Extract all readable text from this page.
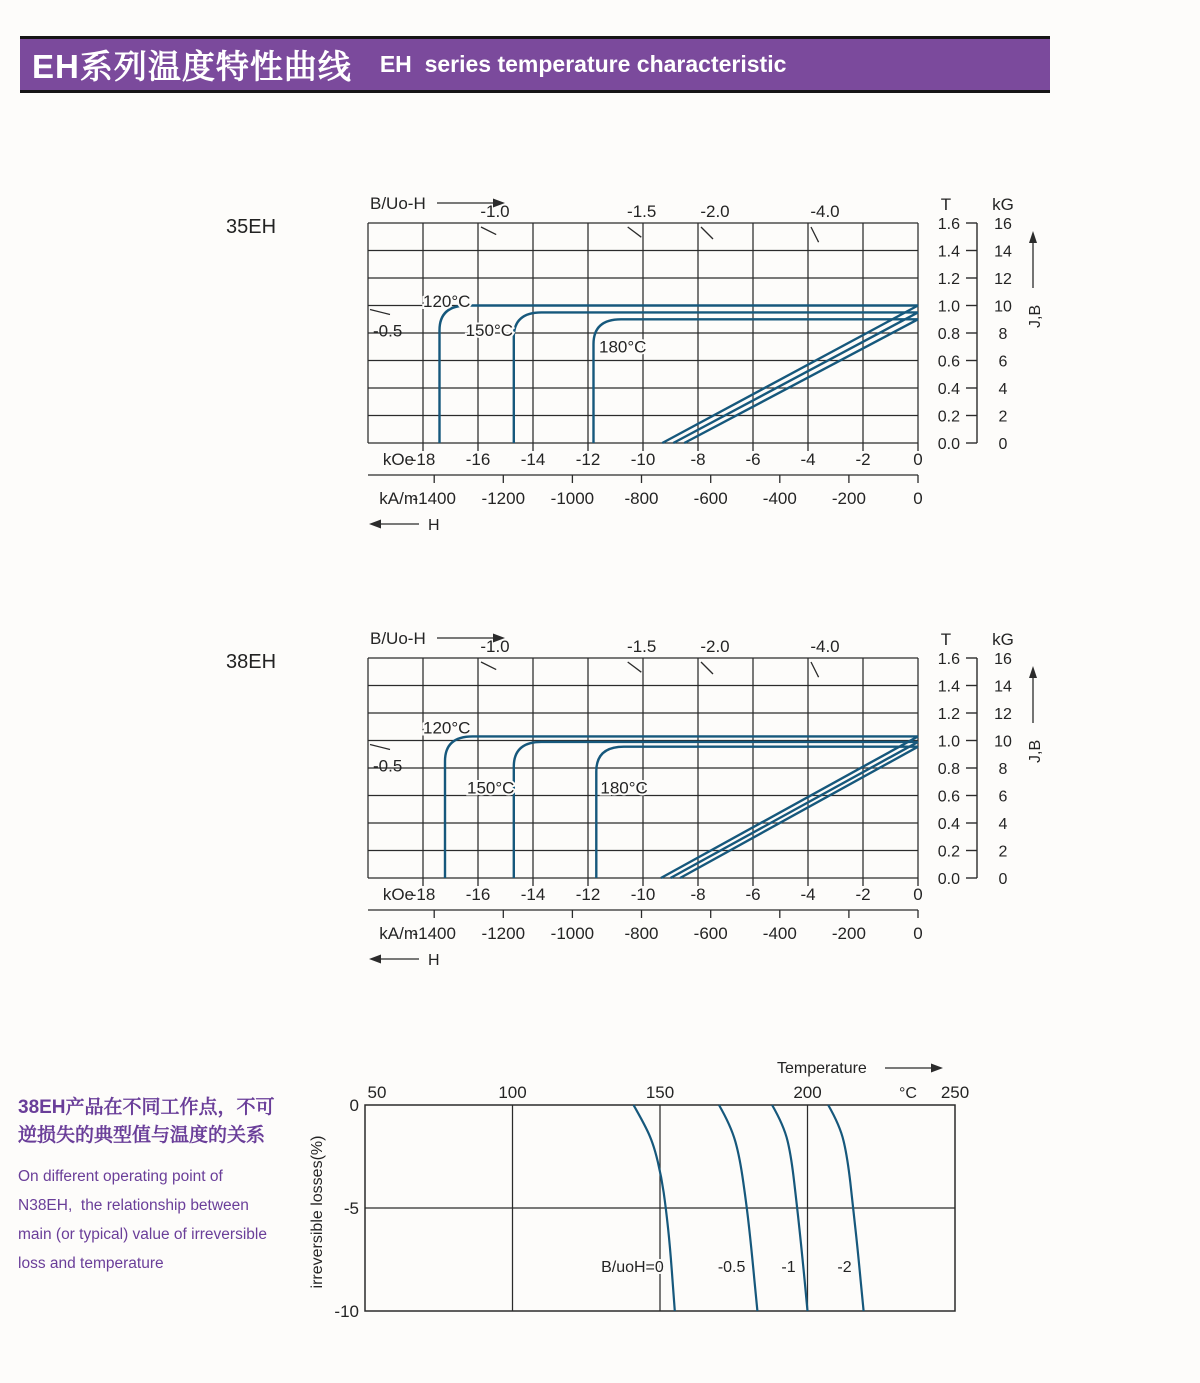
EH系列温度特性曲线 EH  series temperature characteristic
35EH
B/Uo-H
-0.5
-1.0	-1.5	-2.0	-4.0
120°C
150°C
180°C
-18 -16 -14 -12 -10 -8 -6 -4 -2	0
kOe
-1400 -1200 -1000 -800 -600 -400 -200	0
kA/m
H
1.6 16
1.4 14
1.2 12
1.0 10
0.8 8
0.6 6
0.4 4
0.2 2
0.0 0
T kG
J,B
38EH
B/Uo-H
-0.5
-1.0	-1.5	-2.0	-4.0
120°C
150°C	180°C
-18 -16 -14 -12 -10 -8 -6 -4 -2	0
kOe
-1400 -1200 -1000 -800 -600 -400 -200	0
kA/m
H
1.6 16
1.4 14
1.2 12
1.0 10
0.8 8
0.6 6
0.4 4
0.2 2
0.0 0
T kG
J,B
50	100	150	200	250
°C
Temperature
0
-5
-10
irreversible losses(%)	B/uoH=0	-0.5 -1	-2
38EH产品在不同工作点，不可
逆损失的典型值与温度的关系
On different operating point of
N38EH,  the relationship between
main (or typical) value of irreversible
loss and temperature
